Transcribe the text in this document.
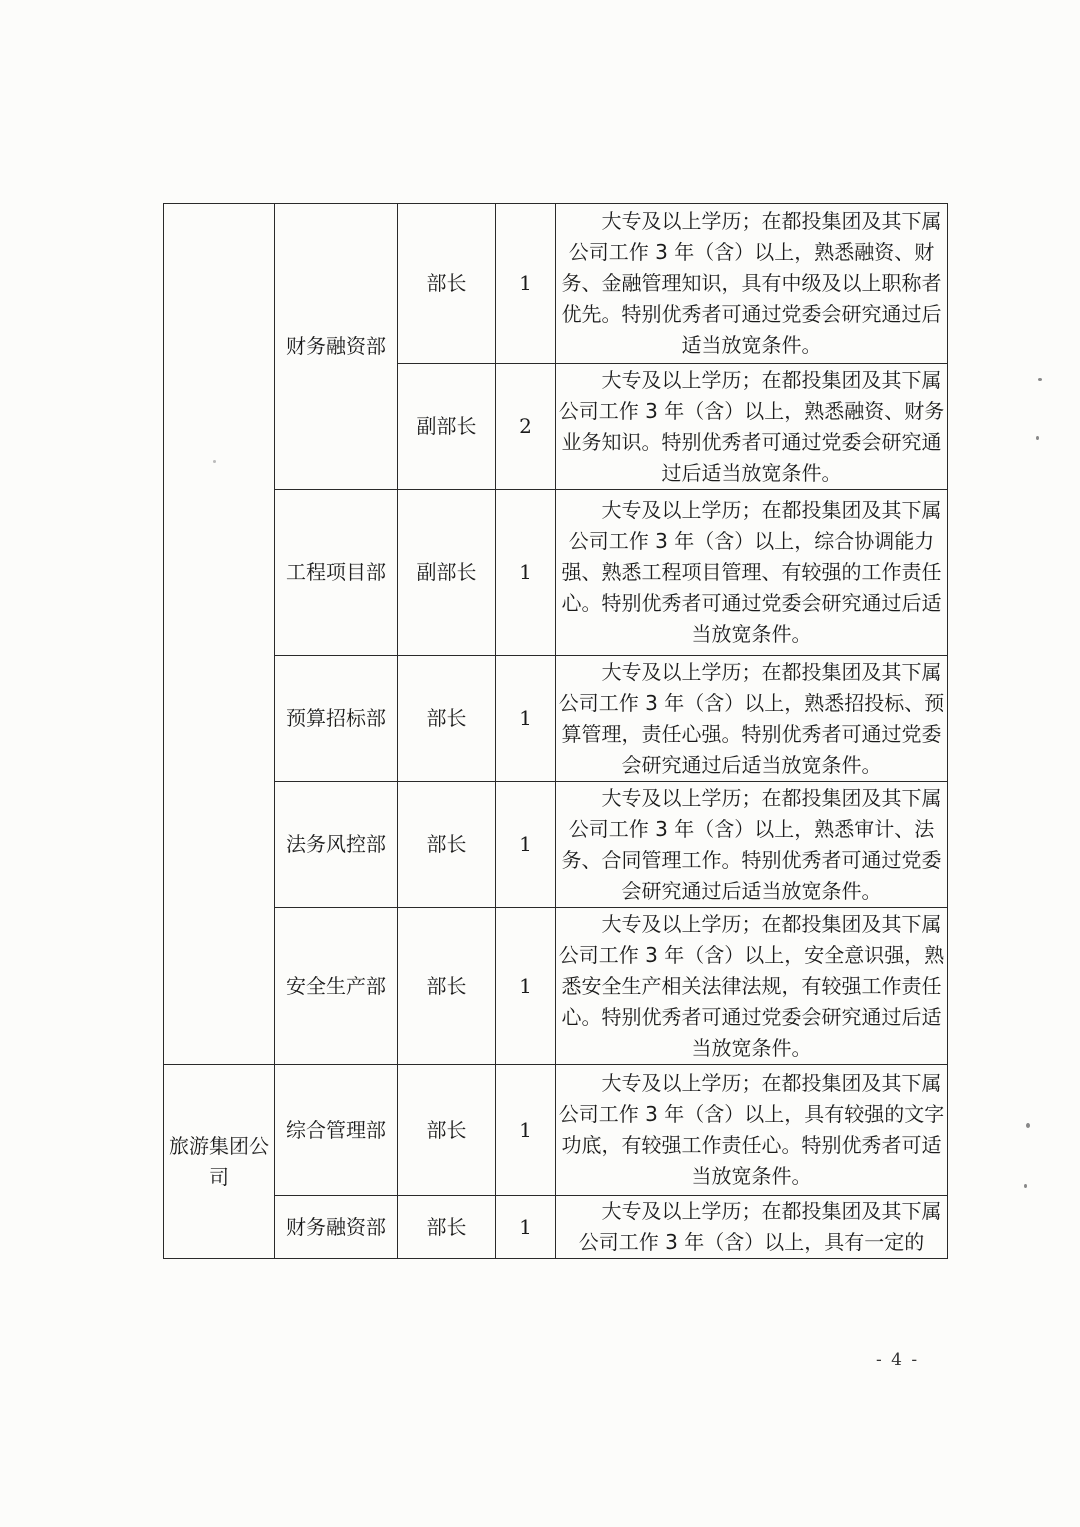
	财务融资部	部长	1	大专及以上学历；在都投集团及其下属公司工作 3 年（含）以上，熟悉融资、财务、金融管理知识，具有中级及以上职称者优先。特别优秀者可通过党委会研究通过后适当放宽条件。
		副部长	2	大专及以上学历；在都投集团及其下属公司工作 3 年（含）以上，熟悉融资、财务业务知识。特别优秀者可通过党委会研究通过后适当放宽条件。
	工程项目部	副部长	1	大专及以上学历；在都投集团及其下属公司工作 3 年（含）以上，综合协调能力强、熟悉工程项目管理、有较强的工作责任心。特别优秀者可通过党委会研究通过后适当放宽条件。
	预算招标部	部长	1	大专及以上学历；在都投集团及其下属公司工作 3 年（含）以上，熟悉招投标、预算管理，责任心强。特别优秀者可通过党委会研究通过后适当放宽条件。
	法务风控部	部长	1	大专及以上学历；在都投集团及其下属公司工作 3 年（含）以上，熟悉审计、法务、合同管理工作。特别优秀者可通过党委会研究通过后适当放宽条件。
	安全生产部	部长	1	大专及以上学历；在都投集团及其下属公司工作 3 年（含）以上，安全意识强，熟悉安全生产相关法律法规，有较强工作责任心。特别优秀者可通过党委会研究通过后适当放宽条件。
旅游集团公司	综合管理部	部长	1	大专及以上学历；在都投集团及其下属公司工作 3 年（含）以上，具有较强的文字功底，有较强工作责任心。特别优秀者可适当放宽条件。
	财务融资部	部长	1	大专及以上学历；在都投集团及其下属公司工作 3 年（含）以上，具有一定的
- 4 -
